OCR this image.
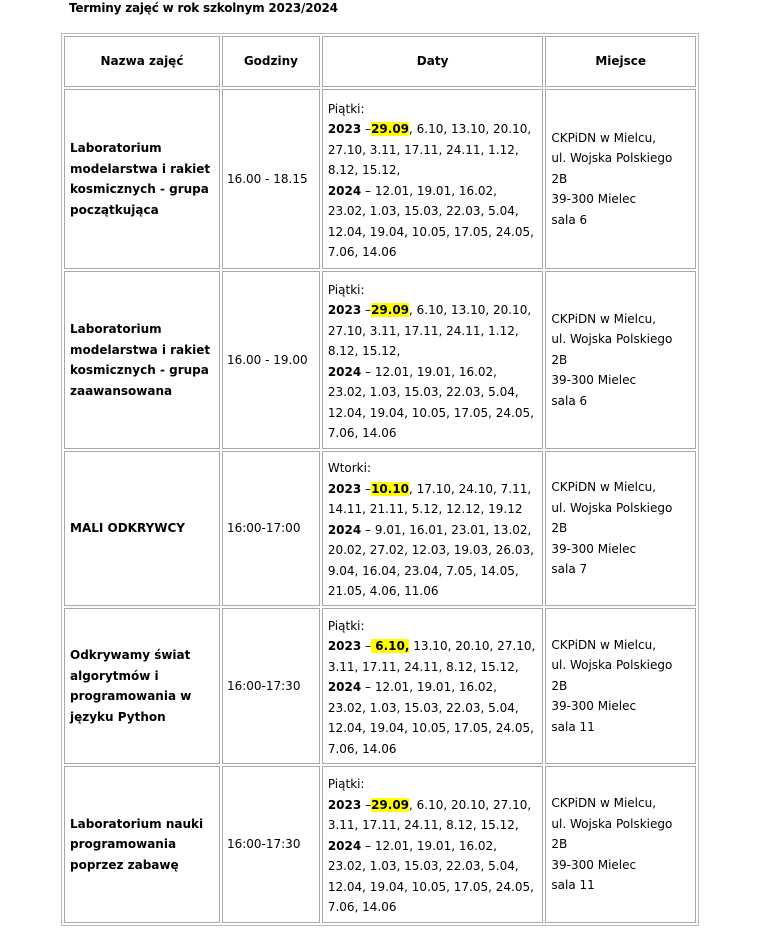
Terminy zajęć w rok szkolnym 2023/2024
Nazwa zajęć	Godziny	Daty	Miejsce
Laboratorium modelarstwa i rakiet kosmicznych - grupa początkująca	16.00 - 18.15	Piątki:
2023 –29.09, 6.10, 13.10, 20.10, 27.10, 3.11, 17.11, 24.11, 1.12, 8.12, 15.12,
2024 – 12.01, 19.01, 16.02, 23.02, 1.03, 15.03, 22.03, 5.04, 12.04, 19.04, 10.05, 17.05, 24.05, 7.06, 14.06	CKPiDN w Mielcu,
ul. Wojska Polskiego 2B
39-300 Mielec
sala 6

Laboratorium modelarstwa i rakiet kosmicznych - grupa zaawansowana	16.00 - 19.00	Piątki:
2023 –29.09, 6.10, 13.10, 20.10, 27.10, 3.11, 17.11, 24.11, 1.12, 8.12, 15.12,
2024 – 12.01, 19.01, 16.02, 23.02, 1.03, 15.03, 22.03, 5.04, 12.04, 19.04, 10.05, 17.05, 24.05, 7.06, 14.06	CKPiDN w Mielcu,
ul. Wojska Polskiego 2B
39-300 Mielec
sala 6

MALI ODKRYWCY	16:00-17:00	Wtorki:
2023 –10.10, 17.10, 24.10, 7.11, 14.11, 21.11, 5.12, 12.12, 19.12
2024 – 9.01, 16.01, 23.01, 13.02, 20.02, 27.02, 12.03, 19.03, 26.03, 9.04, 16.04, 23.04, 7.05, 14.05, 21.05, 4.06, 11.06	CKPiDN w Mielcu,
ul. Wojska Polskiego 2B
39-300 Mielec
sala 7

Odkrywamy świat algorytmów i programowania w języku Python	16:00-17:30	Piątki:
2023 – 6.10, 13.10, 20.10, 27.10, 3.11, 17.11, 24.11, 8.12, 15.12,
2024 – 12.01, 19.01, 16.02, 23.02, 1.03, 15.03, 22.03, 5.04, 12.04, 19.04, 10.05, 17.05, 24.05, 7.06, 14.06	CKPiDN w Mielcu,
ul. Wojska Polskiego 2B
39-300 Mielec
sala 11

Laboratorium nauki programowania poprzez zabawę	16:00-17:30	Piątki:
2023 –29.09, 6.10, 20.10, 27.10, 3.11, 17.11, 24.11, 8.12, 15.12,
2024 – 12.01, 19.01, 16.02, 23.02, 1.03, 15.03, 22.03, 5.04, 12.04, 19.04, 10.05, 17.05, 24.05, 7.06, 14.06	CKPiDN w Mielcu,
ul. Wojska Polskiego 2B
39-300 Mielec
sala 11
